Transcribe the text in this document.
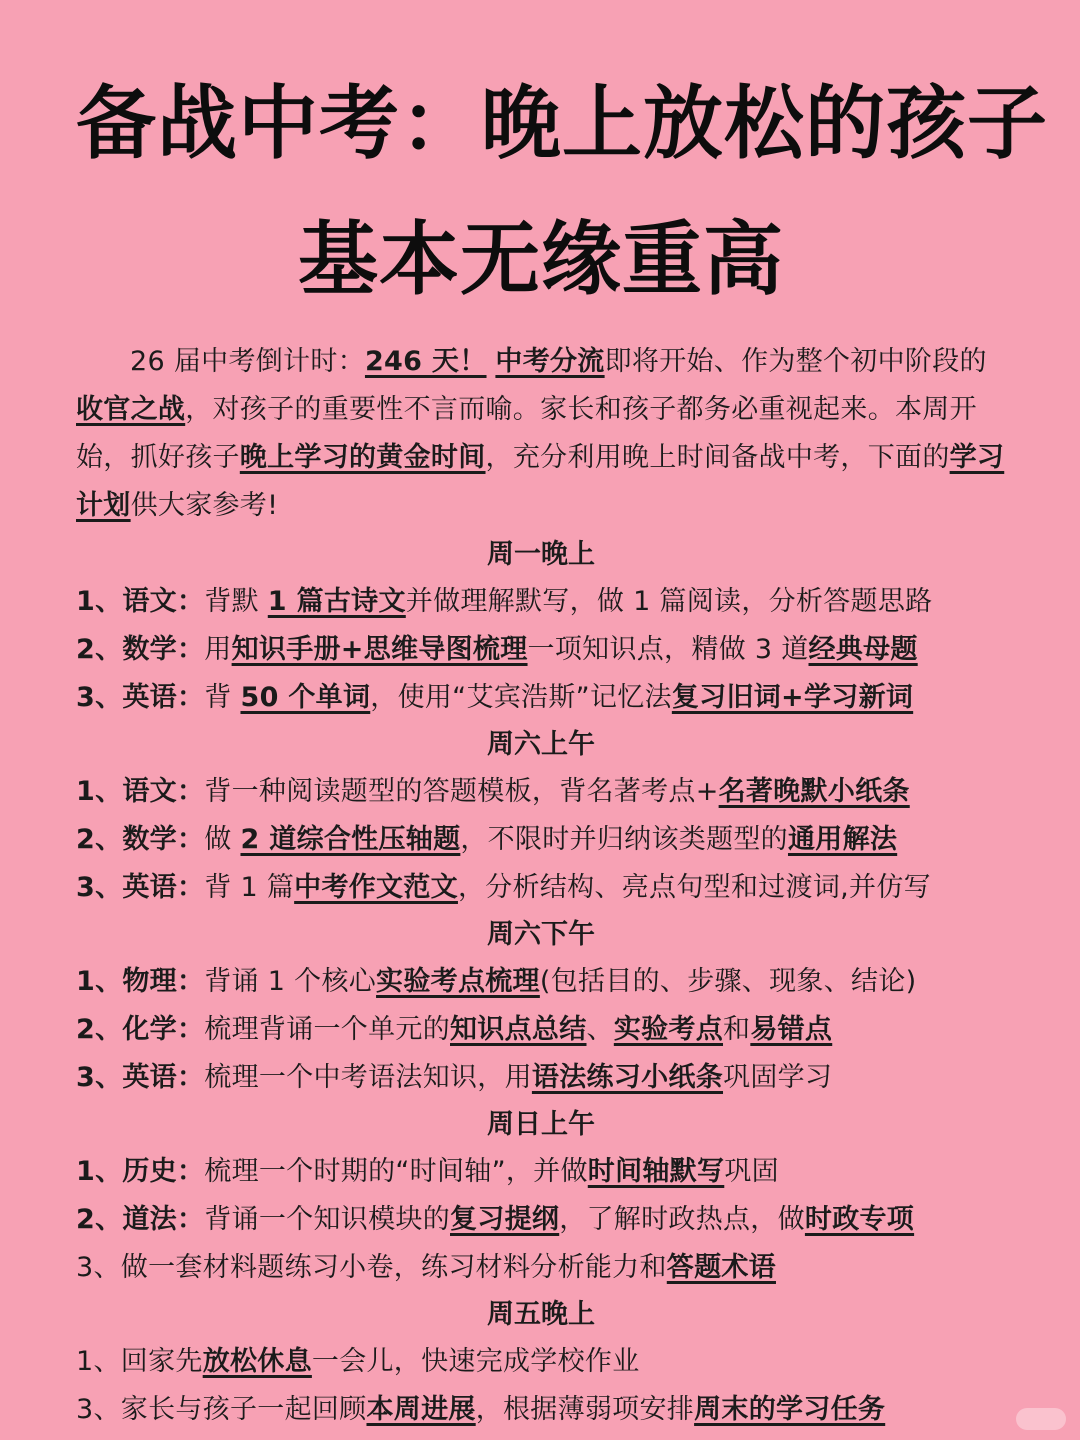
备战中考：晚上放松的孩子
基本无缘重高

26 届中考倒计时：246 天！ 中考分流即将开始、作为整个初中阶段的收官之战，对孩子的重要性不言而喻。家长和孩子都务必重视起来。本周开始，抓好孩子晚上学习的黄金时间，充分利用晚上时间备战中考，下面的学习计划供大家参考!

周一晚上
1、语文：背默 1 篇古诗文并做理解默写，做 1 篇阅读，分析答题思路
2、数学：用知识手册+思维导图梳理一项知识点，精做 3 道经典母题
3、英语：背 50 个单词，使用“艾宾浩斯”记忆法复习旧词+学习新词
周六上午
1、语文：背一种阅读题型的答题模板，背名著考点+名著晚默小纸条
2、数学：做 2 道综合性压轴题，不限时并归纳该类题型的通用解法
3、英语：背 1 篇中考作文范文，分析结构、亮点句型和过渡词,并仿写
周六下午
1、物理：背诵 1 个核心实验考点梳理(包括目的、步骤、现象、结论)
2、化学：梳理背诵一个单元的知识点总结、实验考点和易错点
3、英语：梳理一个中考语法知识，用语法练习小纸条巩固学习
周日上午
1、历史：梳理一个时期的“时间轴”，并做时间轴默写巩固
2、道法：背诵一个知识模块的复习提纲，了解时政热点，做时政专项
3、做一套材料题练习小卷，练习材料分析能力和答题术语
周五晚上
1、回家先放松休息一会儿，快速完成学校作业
3、家长与孩子一起回顾本周进展，根据薄弱项安排周末的学习任务
